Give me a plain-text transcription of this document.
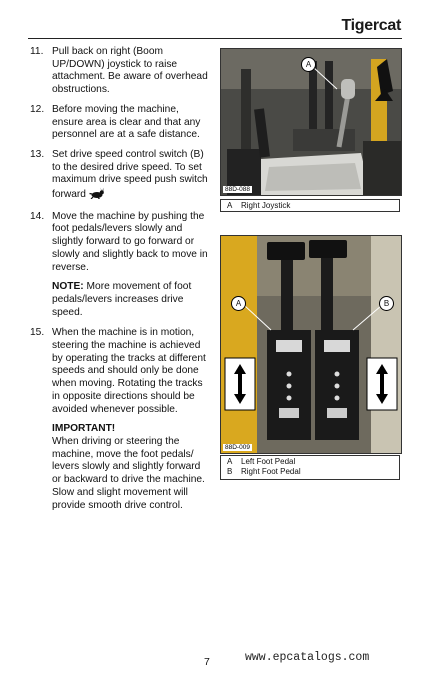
Tigercat
11. Pull back on right (Boom UP/DOWN) joystick to raise attachment. Be aware of overhead obstructions.
12. Before moving the machine, ensure area is clear and that any personnel are at a safe distance.
13. Set drive speed control switch (B) to the desired drive speed. To set maximum drive speed push switch forward
14. Move the machine by pushing the foot pedals/levers slowly and slightly forward to go forward or slowly and slightly back to move in reverse.
NOTE: More movement of foot pedals/levers increases drive speed.
15. When the machine is in motion, steering the machine is achieved by operating the tracks at different speeds and should only be done when moving. Rotating the tracks in opposite directions should be avoided whenever possible.
IMPORTANT!
When driving or steering the machine, move the foot pedals/ levers slowly and slightly forward or backward to drive the machine. Slow and slight movement will provide smooth drive control.
A
88D-088
A Right Joystick
A	B
88D-009
A Left Foot Pedal
B Right Foot Pedal
7	www.epcatalogs.com
